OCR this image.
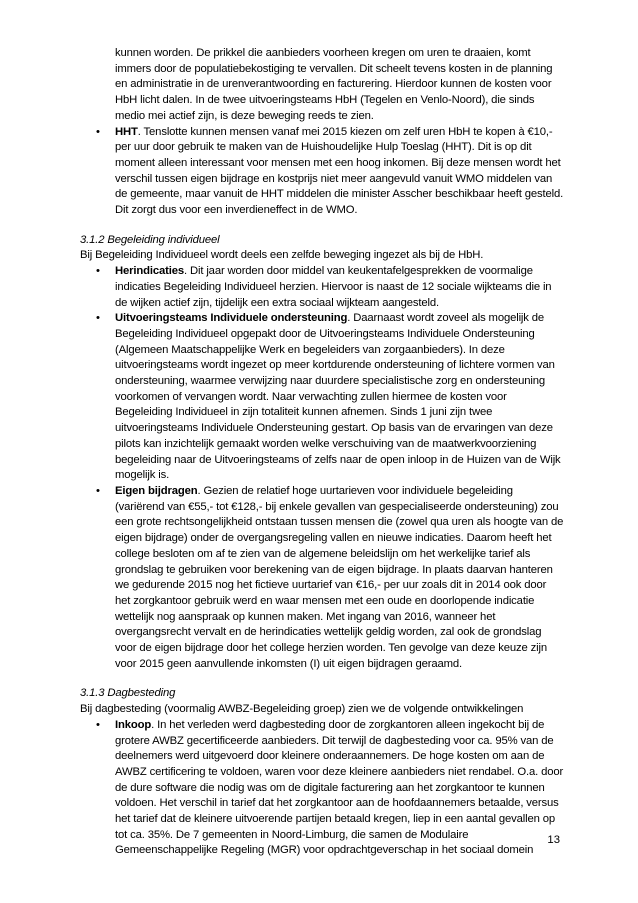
kunnen worden. De prikkel die aanbieders voorheen kregen om uren te draaien, komt immers door de populatiebekostiging te vervallen. Dit scheelt tevens kosten in de planning en administratie in de urenverantwoording en facturering. Hierdoor kunnen de kosten voor HbH licht dalen. In de twee uitvoeringsteams HbH (Tegelen en Venlo-Noord), die sinds medio mei actief zijn, is deze beweging reeds te zien.

•	HHT. Tenslotte kunnen mensen vanaf mei 2015 kiezen om zelf uren HbH te kopen à €10,- per uur door gebruik te maken van de Huishoudelijke Hulp Toeslag (HHT). Dit is op dit moment alleen interessant voor mensen met een hoog inkomen. Bij deze mensen wordt het verschil tussen eigen bijdrage en kostprijs niet meer aangevuld vanuit WMO middelen van de gemeente, maar vanuit de HHT middelen die minister Asscher beschikbaar heeft gesteld. Dit zorgt dus voor een inverdieneffect in de WMO.
3.1.2 Begeleiding individueel

Bij Begeleiding Individueel wordt deels een zelfde beweging ingezet als bij de HbH.

•	Herindicaties. Dit jaar worden door middel van keukentafelgesprekken de voormalige indicaties Begeleiding Individueel herzien. Hiervoor is naast de 12 sociale wijkteams die in de wijken actief zijn, tijdelijk een extra sociaal wijkteam aangesteld.
•	Uitvoeringsteams Individuele ondersteuning. Daarnaast wordt zoveel als mogelijk de Begeleiding Individueel opgepakt door de Uitvoeringsteams Individuele Ondersteuning (Algemeen Maatschappelijke Werk en begeleiders van zorgaanbieders). In deze uitvoeringsteams wordt ingezet op meer kortdurende ondersteuning of lichtere vormen van ondersteuning, waarmee verwijzing naar duurdere specialistische zorg en ondersteuning voorkomen of vervangen wordt. Naar verwachting zullen hiermee de kosten voor Begeleiding Individueel in zijn totaliteit kunnen afnemen. Sinds 1 juni zijn twee uitvoeringsteams Individuele Ondersteuning gestart. Op basis van de ervaringen van deze pilots kan inzichtelijk gemaakt worden welke verschuiving van de maatwerkvoorziening begeleiding naar de Uitvoeringsteams of zelfs naar de open inloop in de Huizen van de Wijk mogelijk is.
•	Eigen bijdragen. Gezien de relatief hoge uurtarieven voor individuele begeleiding (variërend van €55,- tot €128,- bij enkele gevallen van gespecialiseerde ondersteuning) zou een grote rechtsongelijkheid ontstaan tussen mensen die (zowel qua uren als hoogte van de eigen bijdrage) onder de overgangsregeling vallen en nieuwe indicaties. Daarom heeft het college besloten om af te zien van de algemene beleidslijn om het werkelijke tarief als grondslag te gebruiken voor berekening van de eigen bijdrage. In plaats daarvan hanteren we gedurende 2015 nog het fictieve uurtarief van €16,- per uur zoals dit in 2014 ook door het zorgkantoor gebruik werd en waar mensen met een oude en doorlopende indicatie wettelijk nog aanspraak op kunnen maken. Met ingang van 2016, wanneer het overgangsrecht vervalt en de herindicaties wettelijk geldig worden, zal ook de grondslag voor de eigen bijdrage door het college herzien worden. Ten gevolge van deze keuze zijn voor 2015 geen aanvullende inkomsten (I) uit eigen bijdragen geraamd.
3.1.3 Dagbesteding

Bij dagbesteding (voormalig AWBZ-Begeleiding groep) zien we de volgende ontwikkelingen

•	Inkoop. In het verleden werd dagbesteding door de zorgkantoren alleen ingekocht bij de grotere AWBZ gecertificeerde aanbieders. Dit terwijl de dagbesteding voor ca. 95% van de deelnemers werd uitgevoerd door kleinere onderaannemers. De hoge kosten om aan de AWBZ certificering te voldoen, waren voor deze kleinere aanbieders niet rendabel. O.a. door de dure software die nodig was om de digitale facturering aan het zorgkantoor te kunnen voldoen. Het verschil in tarief dat het zorgkantoor aan de hoofdaannemers betaalde, versus het tarief dat de kleinere uitvoerende partijen betaald kregen, liep in een aantal gevallen op tot ca. 35%. De 7 gemeenten in Noord-Limburg, die samen de Modulaire Gemeenschappelijke Regeling (MGR) voor opdrachtgeverschap in het sociaal domein
13
